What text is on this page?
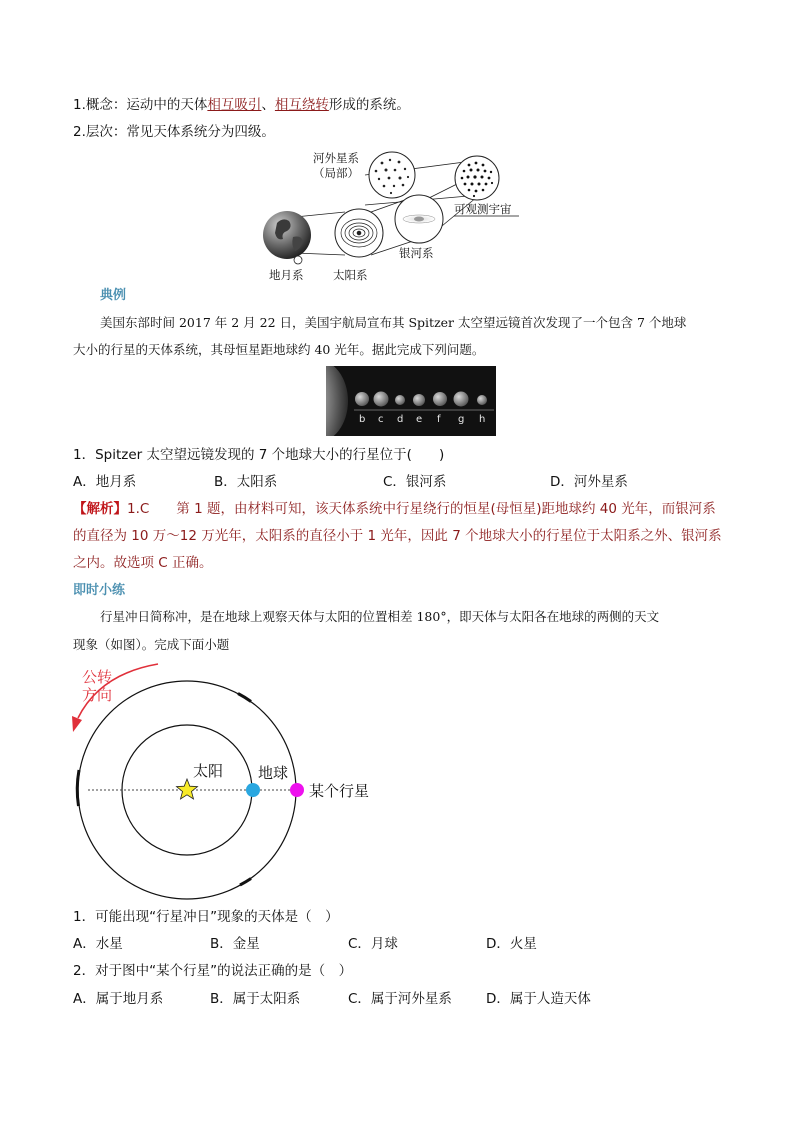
1.概念：运动中的天体相互吸引、相互绕转形成的系统。
2.层次：常见天体系统分为四级。
河外星系
（局部）
可观测宇宙
银河系
地月系	太阳系
典例
美国东部时间 2017 年 2 月 22 日，美国宇航局宣布其 Spitzer 太空望远镜首次发现了一个包含 7 个地球
大小的行星的天体系统，其母恒星距地球约 40 光年。据此完成下列问题。
b c d e f g h
1．Spitzer 太空望远镜发现的 7 个地球大小的行星位于(　　)
A．地月系	B．太阳系	C．银河系	D．河外星系
【解析】1.C　　第 1 题，由材料可知，该天体系统中行星绕行的恒星(母恒星)距地球约 40 光年，而银河系
的直径为 10 万～12 万光年，太阳系的直径小于 1 光年，因此 7 个地球大小的行星位于太阳系之外、银河系
之内。故选项 C 正确。
即时小练
行星冲日简称冲，是在地球上观察天体与太阳的位置相差 180°，即天体与太阳各在地球的两侧的天文
现象（如图）。完成下面小题
公转
方向
太阳 地球
某个行星
1．可能出现“行星冲日”现象的天体是（　）
A．水星	B．金星	C．月球	D．火星
2．对于图中“某个行星”的说法正确的是（　）
A．属于地月系	B．属于太阳系	C．属于河外星系	D．属于人造天体
